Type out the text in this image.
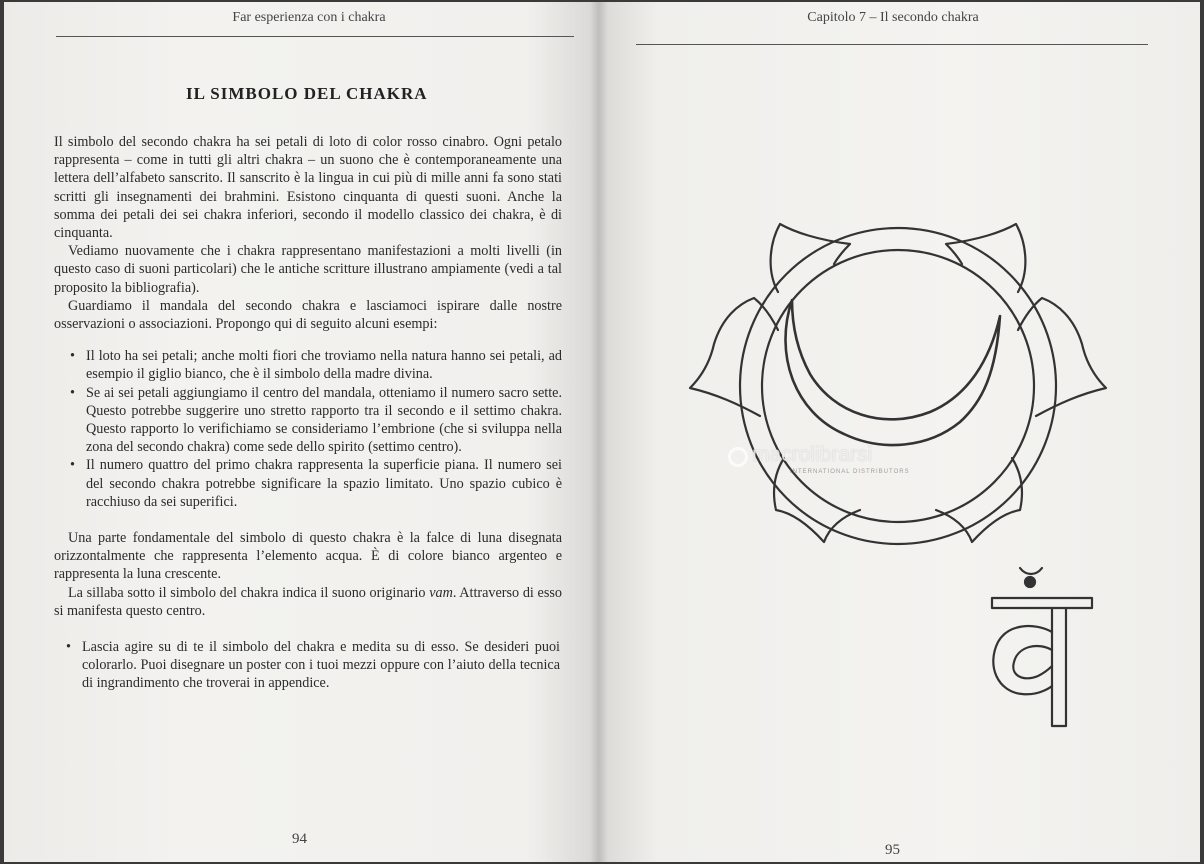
Far esperienza con i chakra
IL SIMBOLO DEL CHAKRA

Il simbolo del secondo chakra ha sei petali di loto di color rosso cinabro. Ogni petalo rappresenta – come in tutti gli altri chakra – un suono che è contemporaneamente una lettera dell’alfabeto sanscrito. Il sanscrito è la lingua in cui più di mille anni fa sono stati scritti gli insegnamenti dei brahmini. Esistono cinquanta di questi suoni. Anche la somma dei petali dei sei chakra inferiori, secondo il modello classico dei chakra, è di cinquanta.

Vediamo nuovamente che i chakra rappresentano manifestazioni a molti livelli (in questo caso di suoni particolari) che le antiche scritture illustrano ampiamente (vedi a tal proposito la bibliografia).

Guardiamo il mandala del secondo chakra e lasciamoci ispirare dalle nostre osservazioni o associazioni. Propongo qui di seguito alcuni esempi:

• Il loto ha sei petali; anche molti fiori che troviamo nella natura hanno sei petali, ad esempio il giglio bianco, che è il simbolo della madre divina.
• Se ai sei petali aggiungiamo il centro del mandala, otteniamo il numero sacro sette. Questo potrebbe suggerire uno stretto rapporto tra il secondo e il settimo chakra. Questo rapporto lo verifichiamo se consideriamo l’embrione (che si sviluppa nella zona del secondo chakra) come sede dello spirito (settimo centro).
• Il numero quattro del primo chakra rappresenta la superficie piana. Il numero sei del secondo chakra potrebbe significare la spazio limitato. Uno spazio cubico è racchiuso da sei superifici.

Una parte fondamentale del simbolo di questo chakra è la falce di luna disegnata orizzontalmente che rappresenta l’elemento acqua. È di colore bianco argenteo e rappresenta la luna crescente.

La sillaba sotto il simbolo del chakra indica il suono originario vam. Attraverso di esso si manifesta questo centro.

• Lascia agire su di te il simbolo del chakra e medita su di esso. Se desideri puoi colorarlo. Puoi disegnare un poster con i tuoi mezzi oppure con l’aiuto della tecnica di ingrandimento che troverai in appendice.
94
Capitolo 7 – Il secondo chakra
95
macrolibrarsi
INTERNATIONAL DISTRIBUTORS
